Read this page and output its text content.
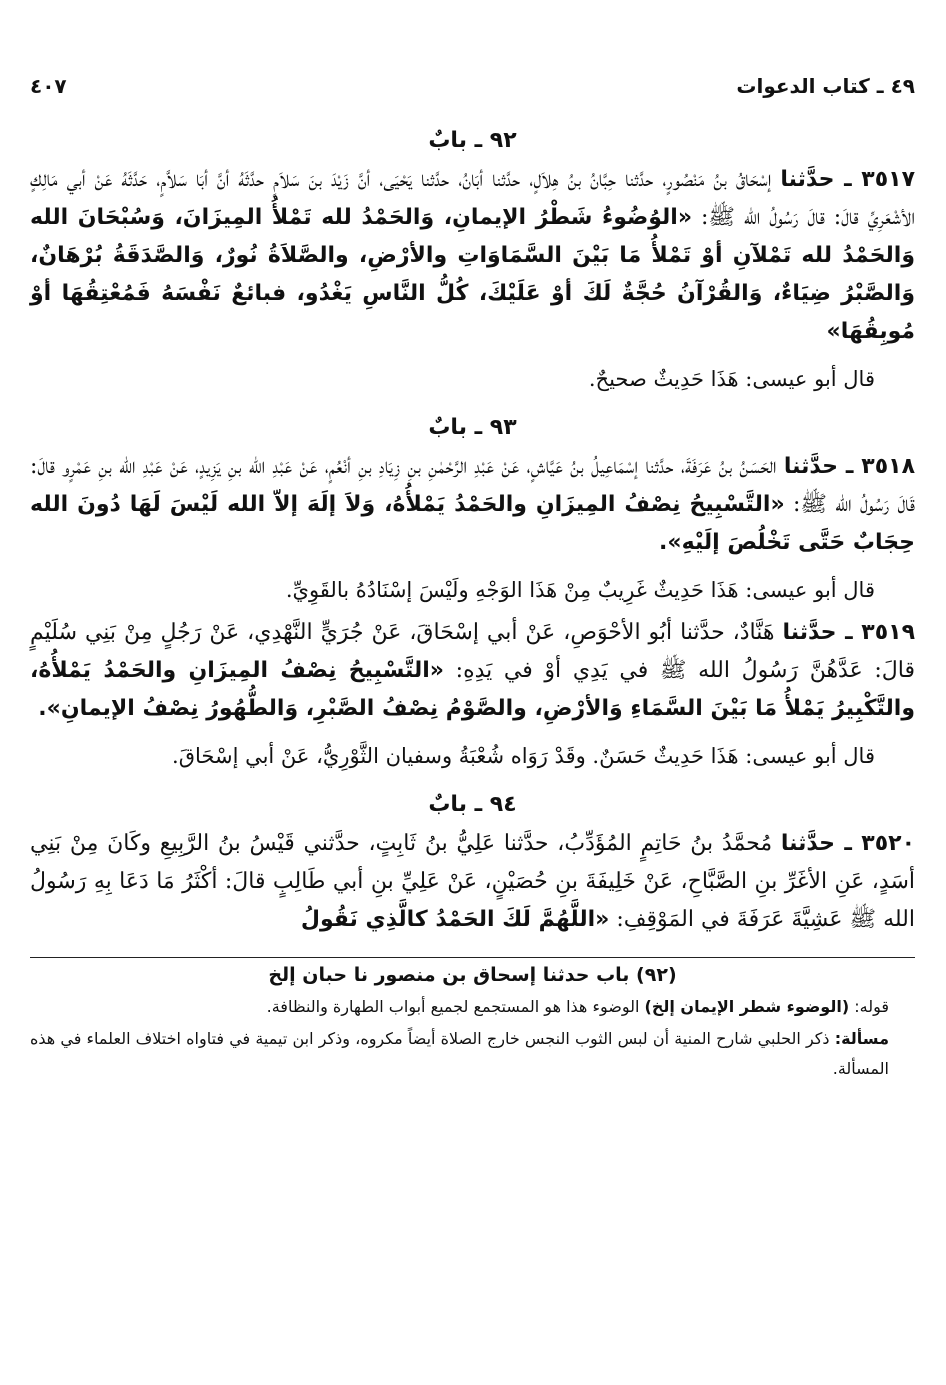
٤٩ ـ كتاب الدعوات
٤٠٧
٩٢ ـ بابٌ

٣٥١٧ ـ حدَّثنا إسْحَاقُ بنُ مَنْصُورٍ، حدَّثنا حِبَّانُ بنُ هِلاَلٍ، حدَّثنا أبَانُ، حدَّثنا يَحْيَى، أنَّ زَيْدَ بنَ سَلاَمٍ حدَّثَهُ أنَّ أبَا سَلاَّمٍ، حَدَّثَهُ عَنْ أبي مَالِكٍ الأشْعَرِيِّ قالَ: قالَ رَسُولُ الله ﷺ: «الوُضُوءُ شَطْرُ الإيمانِ، وَالحَمْدُ لله تَمْلأُ المِيزَانَ، وَسُبْحَانَ الله وَالحَمْدُ لله تَمْلآنِ أوْ تَمْلأُ مَا بَيْنَ السَّمَاوَاتِ والأرْضِ، والصَّلاَةُ نُورٌ، وَالصَّدَقَةُ بُرْهَانٌ، وَالصَّبْرُ ضِيَاءٌ، وَالقُرْآنُ حُجَّةٌ لَكَ أوْ عَلَيْكَ، كُلُّ النَّاسِ يَغْدُو، فبائعٌ نَفْسَهُ فَمُعْتِقُهَا أوْ مُوبِقُهَا»

قال أبو عيسى: هَذَا حَدِيثٌ صحيحٌ.
٩٣ ـ بابٌ

٣٥١٨ ـ حدَّثنا الحَسَنُ بنُ عَرَفَةَ، حدَّثنا إسْمَاعِيلُ بنُ عَيَّاشٍ، عَنْ عَبْدِ الرَّحْمٰنِ بنِ زِيَادِ بنِ أنْعُمٍ، عَنْ عَبْدِ الله بنِ يَزِيدٍ، عَنْ عَبْدِ الله بنِ عَمْرٍو قالَ: قَالَ رَسُولُ الله ﷺ: «التَّسْبِيحُ نِصْفُ المِيزَانِ والحَمْدُ يَمْلأُهُ، وَلاَ إلَهَ إلاّ الله لَيْسَ لَهَا دُونَ الله حِجَابٌ حَتَّى تَخْلُصَ إلَيْهِ».

قال أبو عيسى: هَذَا حَدِيثٌ غَرِيبٌ مِنْ هَذَا الوَجْهِ ولَيْسَ إسْنَادُهُ بالقَوِيِّ.

٣٥١٩ ـ حدَّثنا هَنَّادٌ، حدَّثنا أبُو الأحْوَصِ، عَنْ أبي إسْحَاقَ، عَنْ جُرَيٍّ النَّهْدِي، عَنْ رَجُلٍ مِنْ بَنِي سُلَيْمٍ قالَ: عَدَّهُنَّ رَسُولُ الله ﷺ في يَدِي أوْ في يَدِهِ: «التَّسْبِيحُ نِصْفُ المِيزَانِ والحَمْدُ يَمْلأُهُ، والتَّكْبِيرُ يَمْلأُ مَا بَيْنَ السَّمَاءِ وَالأرْضِ، والصَّوْمُ نِصْفُ الصَّبْرِ، وَالطُّهُورُ نِصْفُ الإيمانِ».

قال أبو عيسى: هَذَا حَدِيثٌ حَسَنٌ. وقَدْ رَوَاه شُعْبَةُ وسفيان الثَّوْرِيُّ، عَنْ أبي إسْحَاقَ.
٩٤ ـ بابٌ

٣٥٢٠ ـ حدَّثنا مُحمَّدُ بنُ حَاتِمٍ المُؤَدِّبُ، حدَّثنا عَلِيُّ بنُ ثَابِتٍ، حدَّثني قَيْسُ بنُ الرَّبِيعِ وكَانَ مِنْ بَنِي أسَدٍ، عَنِ الأغَرِّ بنِ الصَّبَّاحِ، عَنْ خَلِيفَةَ بنِ حُصَيْنٍ، عَنْ عَلِيِّ بنِ أبي طَالِبٍ قالَ: أكْثَرُ مَا دَعَا بِهِ رَسُولُ الله ﷺ عَشِيَّةَ عَرَفَةَ في المَوْقِفِ: «اللَّهُمَّ لَكَ الحَمْدُ كالَّذِي نَقُولُ

(٩٢) باب حدثنا إسحاق بن منصور نا حبان إلخ

قوله: (الوضوء شطر الإيمان إلخ) الوضوء هذا هو المستجمع لجميع أبواب الطهارة والنظافة.

مسألة: ذكر الحلبي شارح المنية أن لبس الثوب النجس خارج الصلاة أيضاً مكروه، وذكر ابن تيمية في فتاواه اختلاف العلماء في هذه المسألة.
